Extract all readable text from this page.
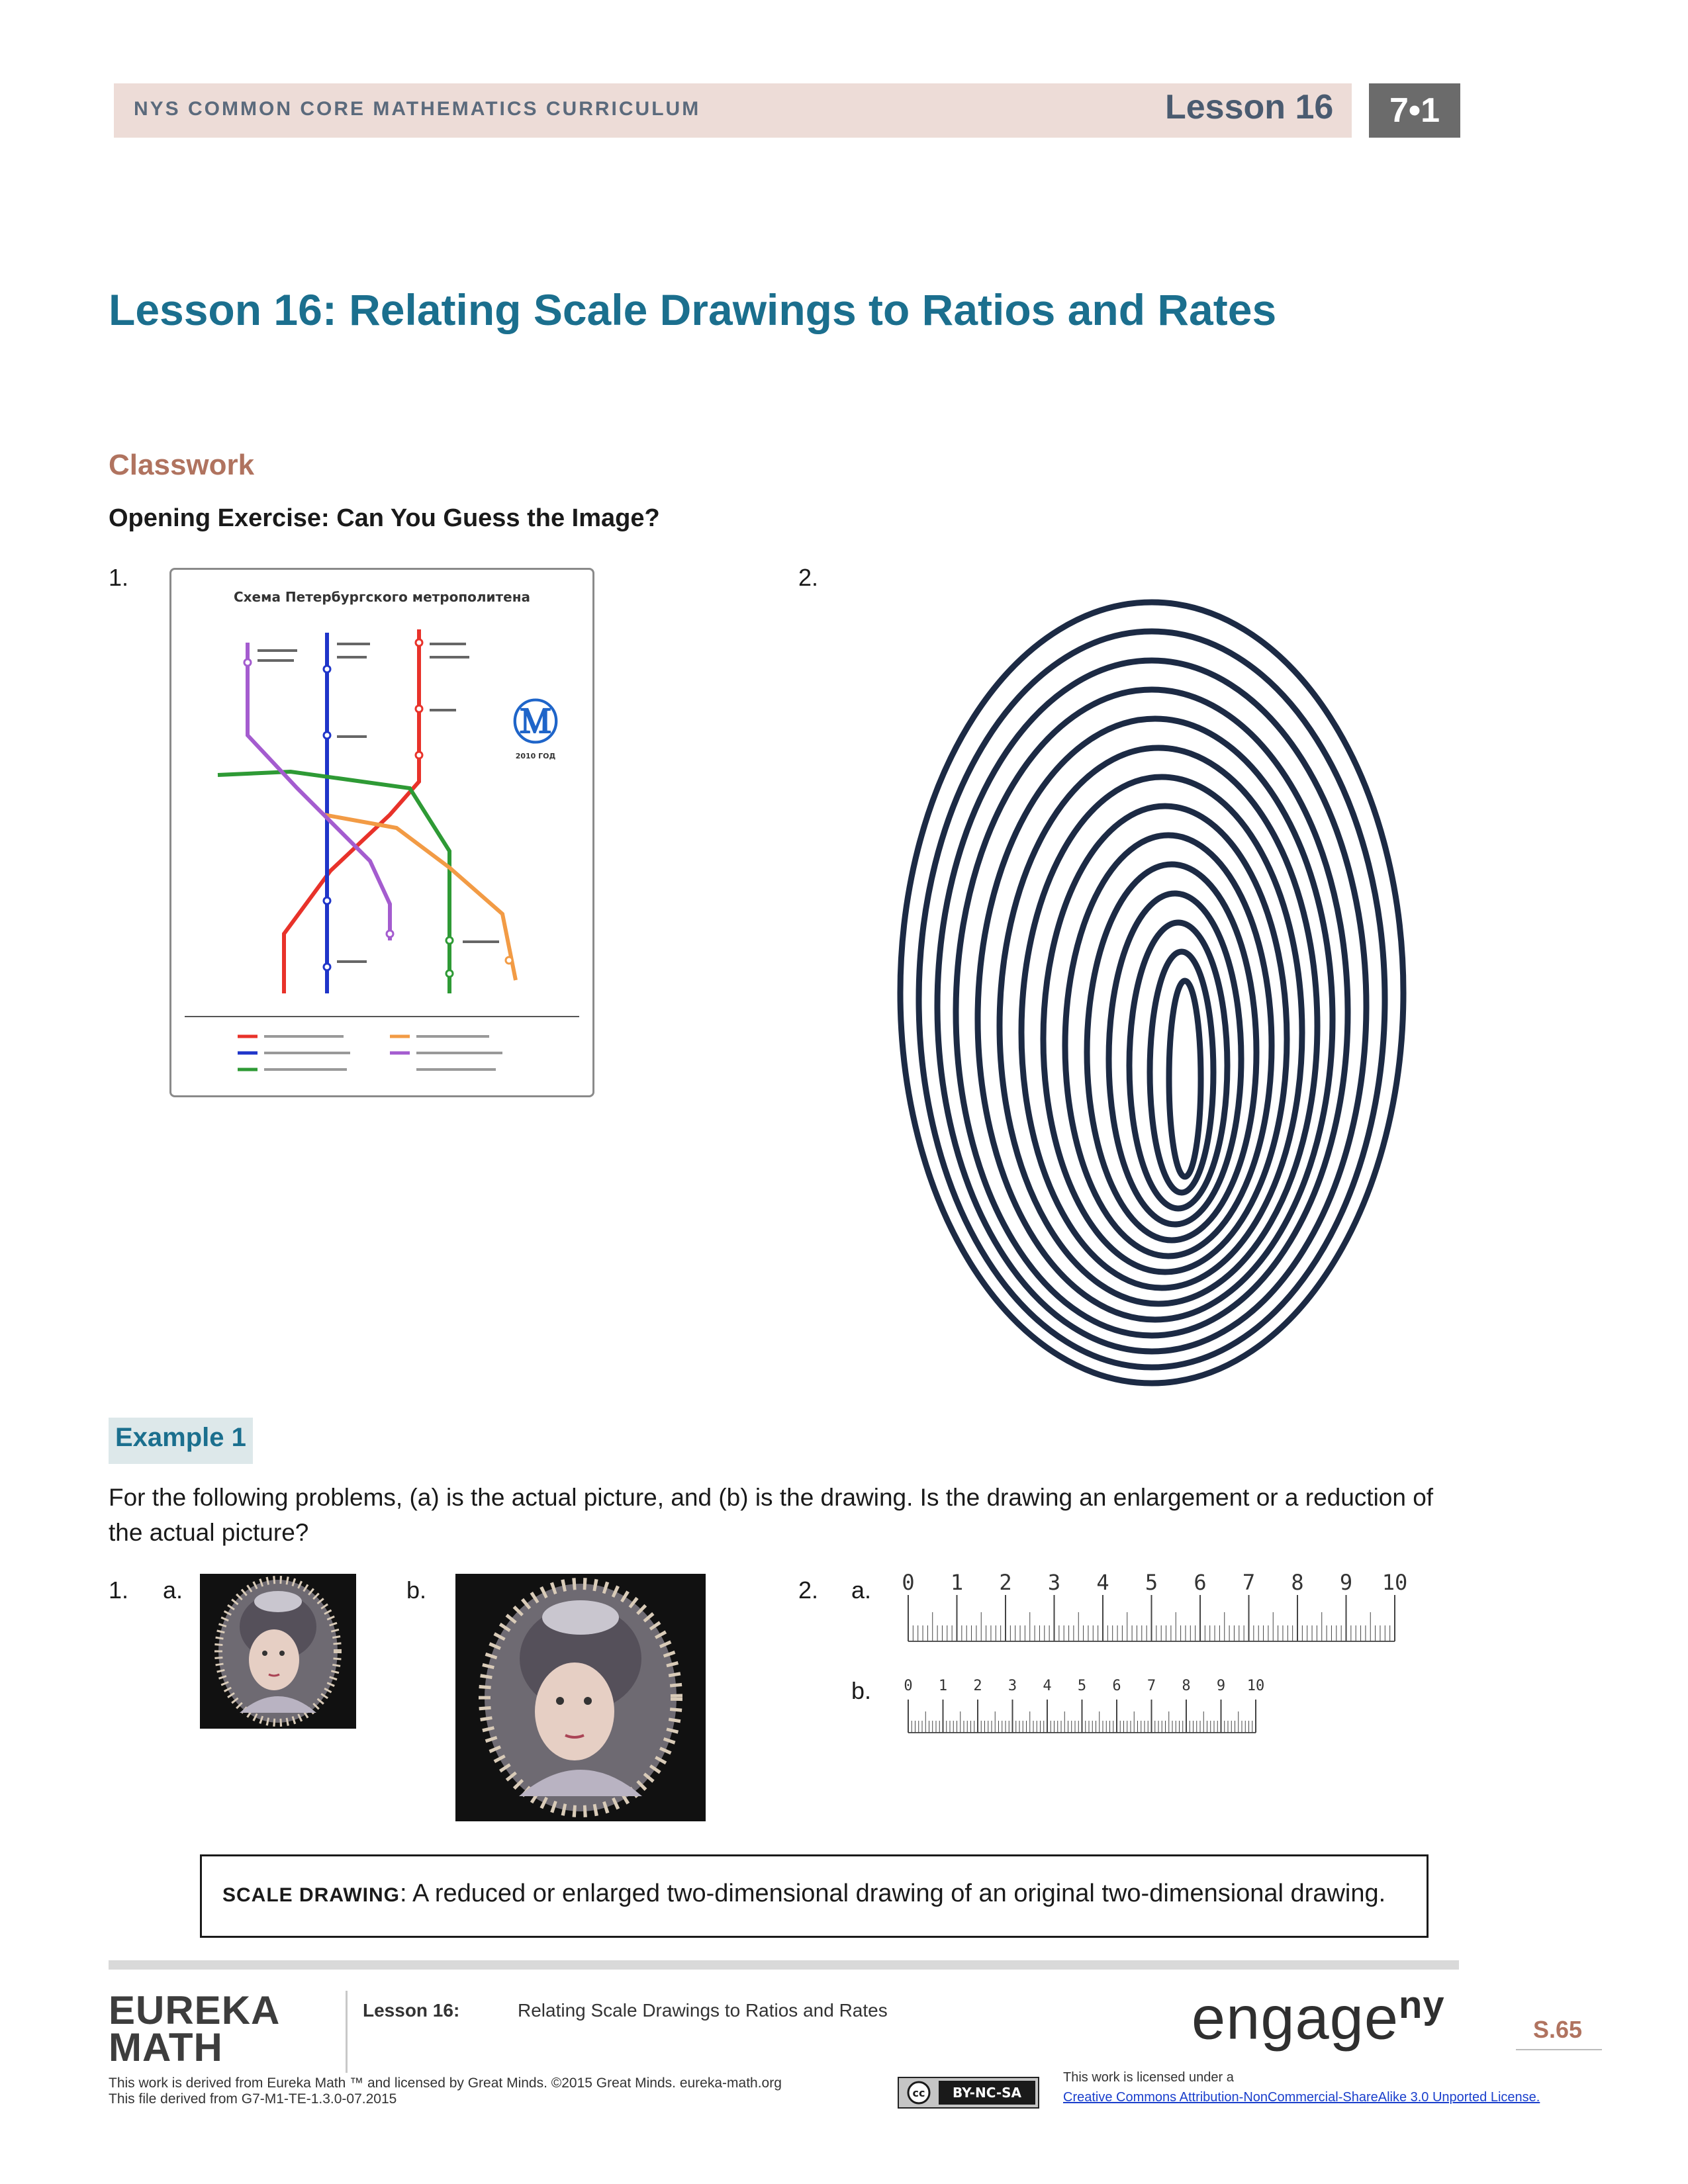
NYS COMMON CORE MATHEMATICS CURRICULUM	Lesson 16	7•1
Lesson 16: Relating Scale Drawings to Ratios and Rates
Classwork
Opening Exercise: Can You Guess the Image?
1.	2.
Схема Петербургского метрополитена
Ⓜ
2010 ГОД
Example 1
For the following problems, (a) is the actual picture, and (b) is the drawing. Is the drawing an enlargement or a reduction of the actual picture?
1. a.	b.	2. a.
b.
0 1 2 3 4 5 6 7 8 9 10
0 1 2 3 4 5 6 7 8 9 10
SCALE DRAWING: A reduced or enlarged two-dimensional drawing of an original two-dimensional drawing.
EUREKA
MATH
Lesson 16:	Relating Scale Drawings to Ratios and Rates	engage$^{ny}$
S.65
This work is derived from Eureka Math ™ and licensed by Great Minds. ©2015 Great Minds. eureka-math.org
This file derived from G7-M1-TE-1.3.0-07.2015	cc BY-NC-SA
This work is licensed under a
Creative Commons Attribution-NonCommercial-ShareAlike 3.0 Unported License.
